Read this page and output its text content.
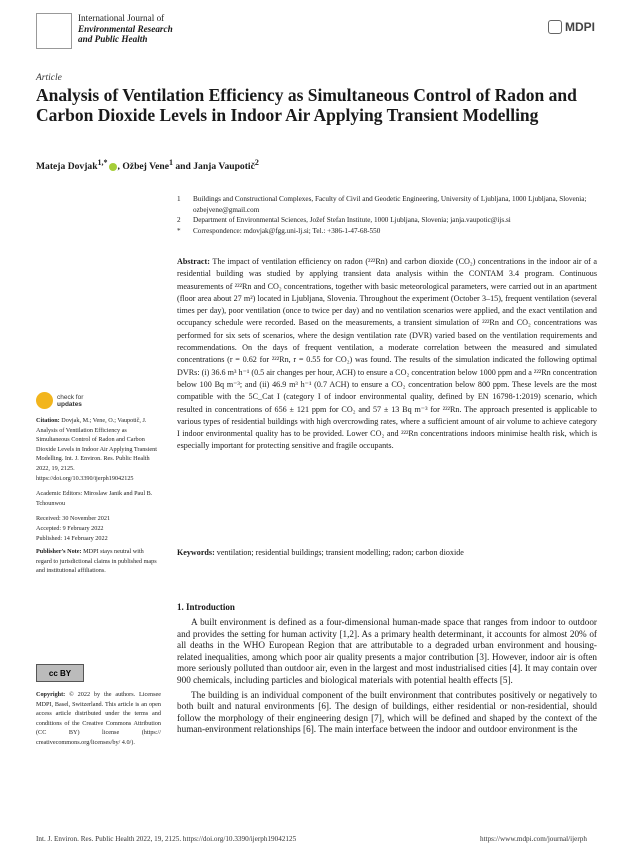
International Journal of
Environmental Research
and Public Health
MDPI
Article
Analysis of Ventilation Efficiency as Simultaneous Control of Radon and Carbon Dioxide Levels in Indoor Air Applying Transient Modelling
Mateja Dovjak$^{1,*}$ , Ožbej Vene$^1$ and Janja Vaupotič$^2$
1	Buildings and Constructional Complexes, Faculty of Civil and Geodetic Engineering, University of Ljubljana, 1000 Ljubljana, Slovenia; ozbejvene@gmail.com
2	Department of Environmental Sciences, Jožef Stefan Institute, 1000 Ljubljana, Slovenia; janja.vaupotic@ijs.si
*	Correspondence: mdovjak@fgg.uni-lj.si; Tel.: +386-1-47-68-550
Abstract: The impact of ventilation efficiency on radon (²²²Rn) and carbon dioxide (CO₂) concentrations in the indoor air of a residential building was studied by applying transient data analysis within the CONTAM 3.4 program. Continuous measurements of ²²²Rn and CO₂ concentrations, together with basic meteorological parameters, were carried out in an apartment (floor area about 27 m²) located in Ljubljana, Slovenia. Throughout the experiment (October 3–15), frequent ventilation (several times per day), poor ventilation (once to twice per day) and no ventilation scenarios were applied, and the exact ventilation and occupancy schedule were recorded. Based on the measurements, a transient simulation of ²²²Rn and CO₂ concentrations was performed for six sets of scenarios, where the design ventilation rate (DVR) varied based on the ventilation requirements and recommendations. On the days of frequent ventilation, a moderate correlation between the measured and simulated concentrations (r = 0.62 for ²²²Rn, r = 0.55 for CO₂) was found. The results of the simulation indicated the following optimal DVRs: (i) 36.6 m³ h⁻¹ (0.5 air changes per hour, ACH) to ensure a CO₂ concentration below 1000 ppm and a ²²²Rn concentration below 100 Bq m⁻³; and (ii) 46.9 m³ h⁻¹ (0.7 ACH) to ensure a CO₂ concentration below 800 ppm. These levels are the most compatible with the 5C_Cat I (category I of indoor environmental quality, defined by EN 16798-1:2019) scenario, which resulted in concentrations of 656 ± 121 ppm for CO₂ and 57 ± 13 Bq m⁻³ for ²²²Rn. The approach presented is applicable to various types of residential buildings with high overcrowding rates, where a sufficient amount of air volume to achieve category I indoor environmental quality has to be provided. Lower CO₂ and ²²²Rn concentrations indoors minimise health risk, which is especially important for protecting sensitive and fragile occupants.
Keywords: ventilation; residential buildings; transient modelling; radon; carbon dioxide
check for
updates

Citation: Dovjak, M.; Vene, O.; Vaupotič, J. Analysis of Ventilation Efficiency as Simultaneous Control of Radon and Carbon Dioxide Levels in Indoor Air Applying Transient Modelling. Int. J. Environ. Res. Public Health 2022, 19, 2125. https://doi.org/10.3390/ijerph19042125

Academic Editors: Miroslaw Janik and Paul B. Tchounwou

Received: 30 November 2021
Accepted: 9 February 2022
Published: 14 February 2022

Publisher's Note: MDPI stays neutral with regard to jurisdictional claims in published maps and institutional affiliations.

cc BY
Copyright: © 2022 by the authors. Licensee MDPI, Basel, Switzerland. This article is an open access article distributed under the terms and conditions of the Creative Commons Attribution (CC BY) license (https:// creativecommons.org/licenses/by/ 4.0/).
1. Introduction

A built environment is defined as a four-dimensional human-made space that ranges from indoor to outdoor and provides the setting for human activity [1,2]. As a primary health determinant, it accounts for almost 20% of all deaths in the WHO European Region that are attributable to a degraded urban environment and housing-related inequalities, among which poor air quality presents a major contribution [3]. However, indoor air is often more seriously polluted than outdoor air, even in the largest and most industrialised cities [4]. It may contain over 900 chemicals, including particles and biological materials with potential health effects [5].

The building is an individual component of the built environment that contributes positively or negatively to both built and natural environments [6]. The design of buildings, either residential or non-residential, should follow the morphology of their engineering design [7], which will be defined and shaped by the context of the human-environment relationships [6]. The main interface between the indoor and outdoor environment is the

Int. J. Environ. Res. Public Health 2022, 19, 2125. https://doi.org/10.3390/ijerph19042125	https://www.mdpi.com/journal/ijerph
